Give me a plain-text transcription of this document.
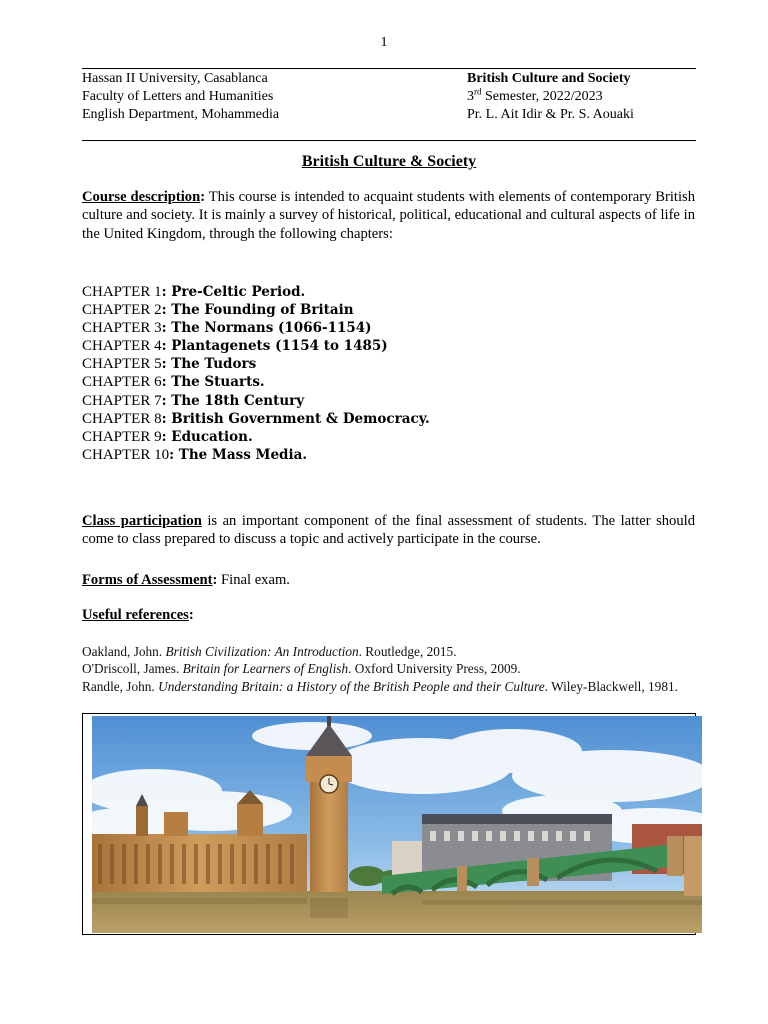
1
Hassan II University, Casablanca
Faculty of Letters and Humanities
English Department, Mohammedia
British Culture and Society
3rd Semester, 2022/2023
Pr. L. Ait Idir & Pr. S. Aouaki
British Culture & Society
Course description: This course is intended to acquaint students with elements of contemporary British culture and society. It is mainly a survey of historical, political, educational and cultural aspects of life in the United Kingdom, through the following chapters:
CHAPTER 1: Pre-Celtic Period.
CHAPTER 2: The Founding of Britain
CHAPTER 3: The Normans (1066-1154)
CHAPTER 4: Plantagenets (1154 to 1485)
CHAPTER 5: The Tudors
CHAPTER 6: The Stuarts.
CHAPTER 7: The 18th Century
CHAPTER 8: British Government & Democracy.
CHAPTER 9: Education.
CHAPTER 10: The Mass Media.
Class participation is an important component of the final assessment of students. The latter should come to class prepared to discuss a topic and actively participate in the course.
Forms of Assessment: Final exam.
Useful references:
Oakland, John. British Civilization: An Introduction. Routledge, 2015.
O'Driscoll, James. Britain for Learners of English. Oxford University Press, 2009.
Randle, John. Understanding Britain: a History of the British People and their Culture. Wiley-Blackwell, 1981.
